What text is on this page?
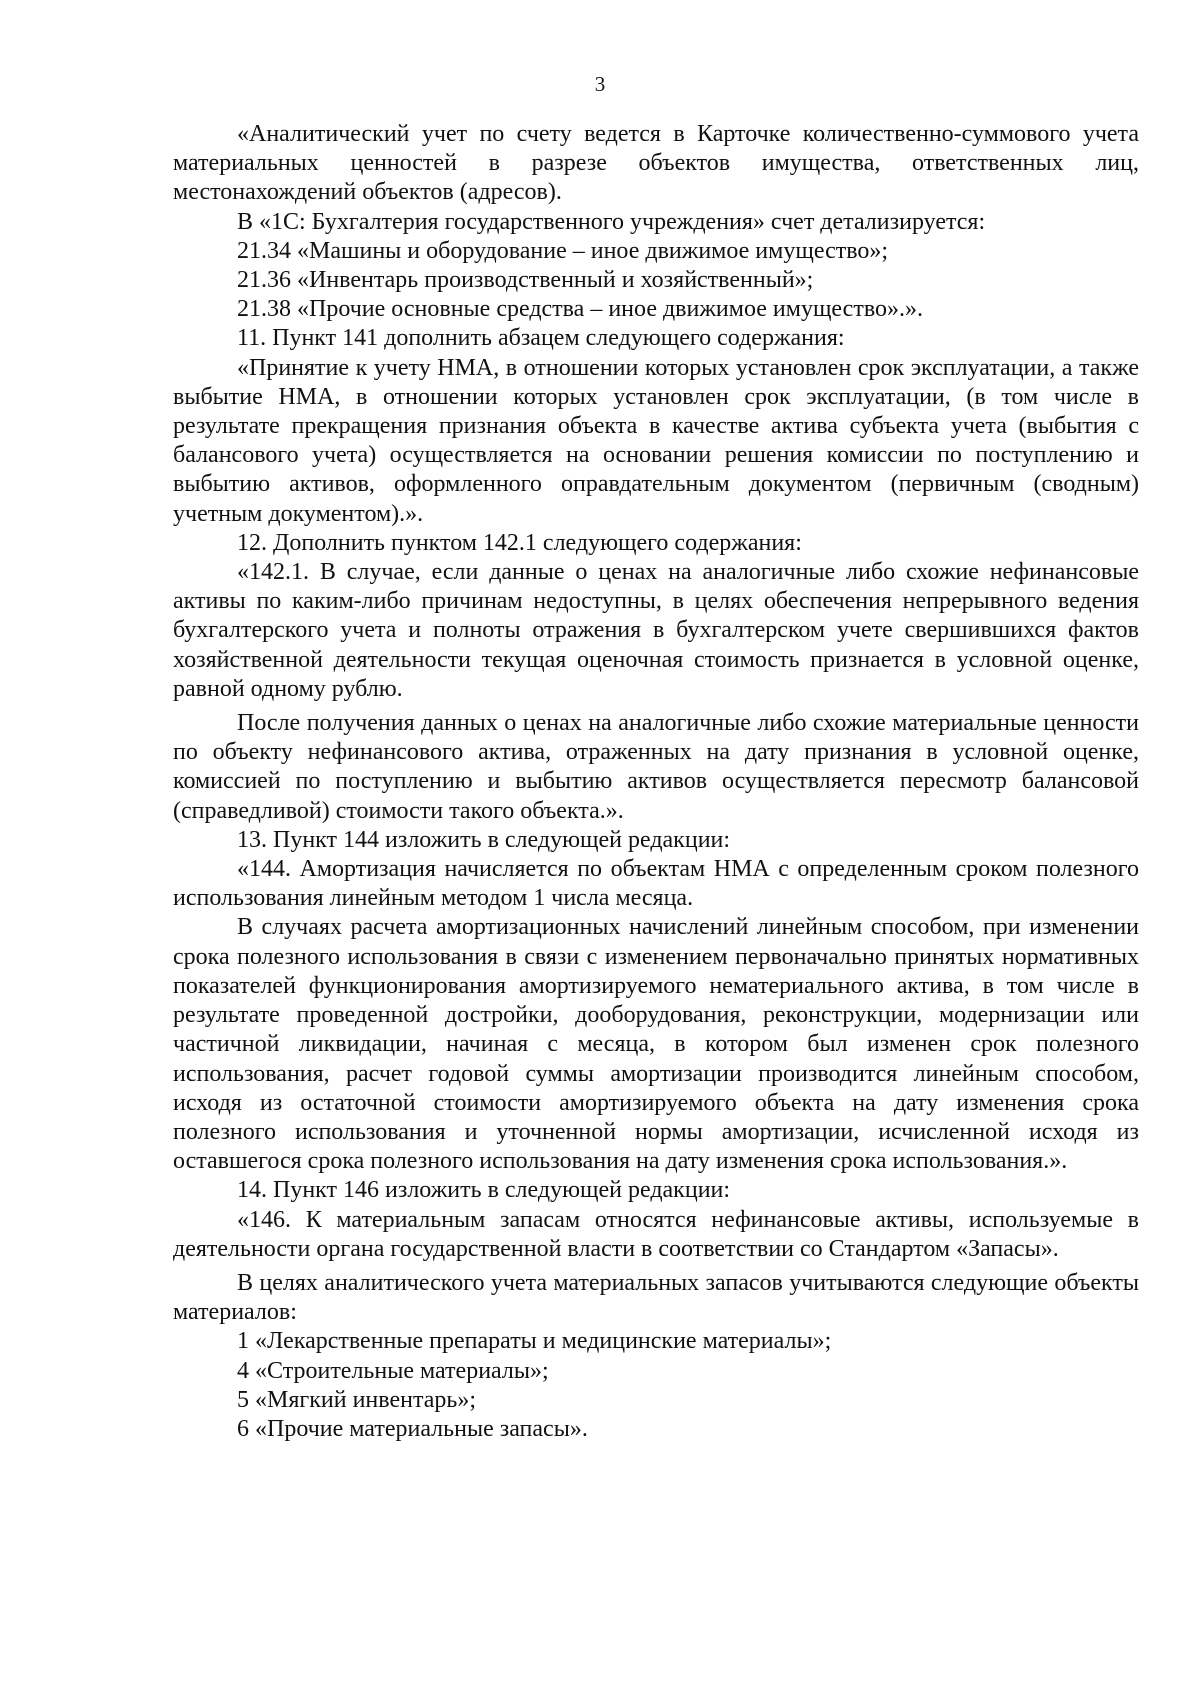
3

«Аналитический учет по счету ведется в Карточке количественно-суммового учета материальных ценностей в разрезе объектов имущества, ответственных лиц, местонахождений объектов (адресов).

В «1С: Бухгалтерия государственного учреждения» счет детализируется:

21.34 «Машины и оборудование – иное движимое имущество»;

21.36 «Инвентарь производственный и хозяйственный»;

21.38 «Прочие основные средства – иное движимое имущество».».

11. Пункт 141 дополнить абзацем следующего содержания:

«Принятие к учету НМА, в отношении которых установлен срок эксплуатации, а также выбытие НМА, в отношении которых установлен срок эксплуатации, (в том числе в результате прекращения признания объекта в качестве актива субъекта учета (выбытия с балансового учета) осуществляется на основании решения комиссии по поступлению и выбытию активов, оформленного оправдательным документом (первичным (сводным) учетным документом).».

12. Дополнить пунктом 142.1 следующего содержания:

«142.1. В случае, если данные о ценах на аналогичные либо схожие нефинансовые активы по каким-либо причинам недоступны, в целях обеспечения непрерывного ведения бухгалтерского учета и полноты отражения в бухгалтерском учете свершившихся фактов хозяйственной деятельности текущая оценочная стоимость признается в условной оценке, равной одному рублю.

После получения данных о ценах на аналогичные либо схожие материальные ценности по объекту нефинансового актива, отраженных на дату признания в условной оценке, комиссией по поступлению и выбытию активов осуществляется пересмотр балансовой (справедливой) стоимости такого объекта.».

13. Пункт 144 изложить в следующей редакции:

«144. Амортизация начисляется по объектам НМА с определенным сроком полезного использования линейным методом 1 числа месяца.

В случаях расчета амортизационных начислений линейным способом, при изменении срока полезного использования в связи с изменением первоначально принятых нормативных показателей функционирования амортизируемого нематериального актива, в том числе в результате проведенной достройки, дооборудования, реконструкции, модернизации или частичной ликвидации, начиная с месяца, в котором был изменен срок полезного использования, расчет годовой суммы амортизации производится линейным способом, исходя из остаточной стоимости амортизируемого объекта на дату изменения срока полезного использования и уточненной нормы амортизации, исчисленной исходя из оставшегося срока полезного использования на дату изменения срока использования.».

14. Пункт 146 изложить в следующей редакции:

«146. К материальным запасам относятся нефинансовые активы, используемые в деятельности органа государственной власти в соответствии со Стандартом «Запасы».

В целях аналитического учета материальных запасов учитываются следующие объекты материалов:

1 «Лекарственные препараты и медицинские материалы»;

4 «Строительные материалы»;

5 «Мягкий инвентарь»;

6 «Прочие материальные запасы».
